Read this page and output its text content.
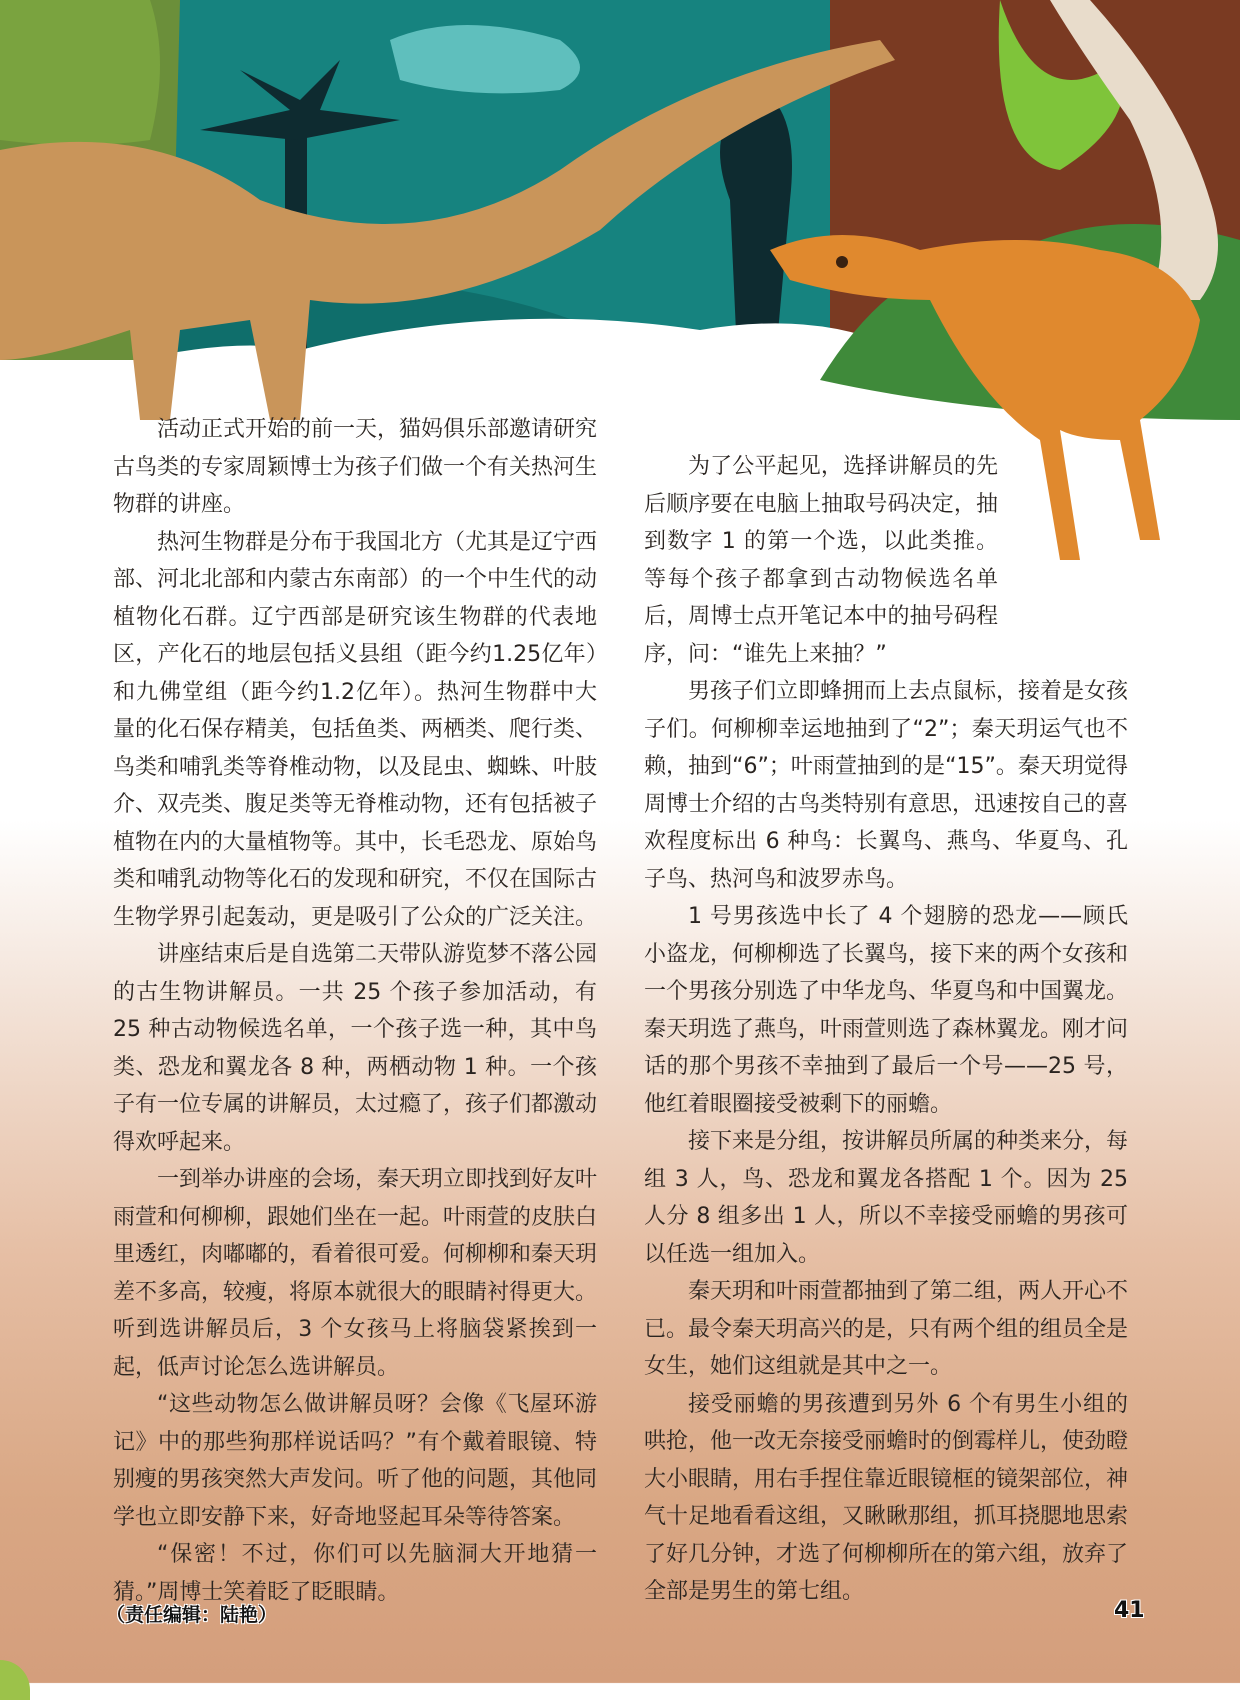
活动正式开始的前一天，猫妈俱乐部邀请研究古鸟类的专家周颖博士为孩子们做一个有关热河生物群的讲座。

热河生物群是分布于我国北方（尤其是辽宁西部、河北北部和内蒙古东南部）的一个中生代的动植物化石群。辽宁西部是研究该生物群的代表地区，产化石的地层包括义县组（距今约1.25亿年）和九佛堂组（距今约1.2亿年）。热河生物群中大量的化石保存精美，包括鱼类、两栖类、爬行类、鸟类和哺乳类等脊椎动物，以及昆虫、蜘蛛、叶肢介、双壳类、腹足类等无脊椎动物，还有包括被子植物在内的大量植物等。其中，长毛恐龙、原始鸟类和哺乳动物等化石的发现和研究，不仅在国际古生物学界引起轰动，更是吸引了公众的广泛关注。

讲座结束后是自选第二天带队游览梦不落公园的古生物讲解员。一共 25 个孩子参加活动，有 25 种古动物候选名单，一个孩子选一种，其中鸟类、恐龙和翼龙各 8 种，两栖动物 1 种。一个孩子有一位专属的讲解员，太过瘾了，孩子们都激动得欢呼起来。

一到举办讲座的会场，秦天玥立即找到好友叶雨萱和何柳柳，跟她们坐在一起。叶雨萱的皮肤白里透红，肉嘟嘟的，看着很可爱。何柳柳和秦天玥差不多高，较瘦，将原本就很大的眼睛衬得更大。听到选讲解员后，3 个女孩马上将脑袋紧挨到一起，低声讨论怎么选讲解员。

“这些动物怎么做讲解员呀？会像《飞屋环游记》中的那些狗那样说话吗？”有个戴着眼镜、特别瘦的男孩突然大声发问。听了他的问题，其他同学也立即安静下来，好奇地竖起耳朵等待答案。

“保密！不过，你们可以先脑洞大开地猜一猜。”周博士笑着眨了眨眼睛。

为了公平起见，选择讲解员的先后顺序要在电脑上抽取号码决定，抽到数字 1 的第一个选，以此类推。等每个孩子都拿到古动物候选名单后，周博士点开笔记本中的抽号码程序，问：“谁先上来抽？”

男孩子们立即蜂拥而上去点鼠标，接着是女孩子们。何柳柳幸运地抽到了“2”；秦天玥运气也不赖，抽到“6”；叶雨萱抽到的是“15”。秦天玥觉得周博士介绍的古鸟类特别有意思，迅速按自己的喜欢程度标出 6 种鸟：长翼鸟、燕鸟、华夏鸟、孔子鸟、热河鸟和波罗赤鸟。

1 号男孩选中长了 4 个翅膀的恐龙——顾氏小盗龙，何柳柳选了长翼鸟，接下来的两个女孩和一个男孩分别选了中华龙鸟、华夏鸟和中国翼龙。秦天玥选了燕鸟，叶雨萱则选了森林翼龙。刚才问话的那个男孩不幸抽到了最后一个号——25 号，他红着眼圈接受被剩下的丽蟾。

接下来是分组，按讲解员所属的种类来分，每组 3 人，鸟、恐龙和翼龙各搭配 1 个。因为 25 人分 8 组多出 1 人，所以不幸接受丽蟾的男孩可以任选一组加入。

秦天玥和叶雨萱都抽到了第二组，两人开心不已。最令秦天玥高兴的是，只有两个组的组员全是女生，她们这组就是其中之一。

接受丽蟾的男孩遭到另外 6 个有男生小组的哄抢，他一改无奈接受丽蟾时的倒霉样儿，使劲瞪大小眼睛，用右手捏住靠近眼镜框的镜架部位，神气十足地看看这组，又瞅瞅那组，抓耳挠腮地思索了好几分钟，才选了何柳柳所在的第六组，放弃了全部是男生的第七组。

（责任编辑：陆艳）	41
